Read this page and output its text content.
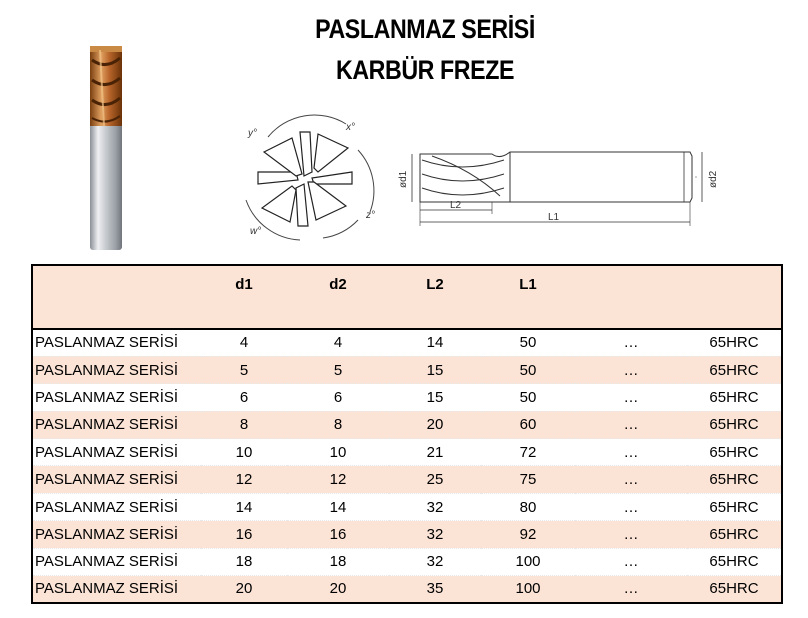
PASLANMAZ SERİSİ
KARBÜR FREZE
y°
x°
z°
w°
ød1	ød2
L2
L1
	d1	d2	L2	L1		
PASLANMAZ SERİSİ	4	4	14	50	…	65HRC
PASLANMAZ SERİSİ	5	5	15	50	…	65HRC
PASLANMAZ SERİSİ	6	6	15	50	…	65HRC
PASLANMAZ SERİSİ	8	8	20	60	…	65HRC
PASLANMAZ SERİSİ	10	10	21	72	…	65HRC
PASLANMAZ SERİSİ	12	12	25	75	…	65HRC
PASLANMAZ SERİSİ	14	14	32	80	…	65HRC
PASLANMAZ SERİSİ	16	16	32	92	…	65HRC
PASLANMAZ SERİSİ	18	18	32	100	…	65HRC
PASLANMAZ SERİSİ	20	20	35	100	…	65HRC
